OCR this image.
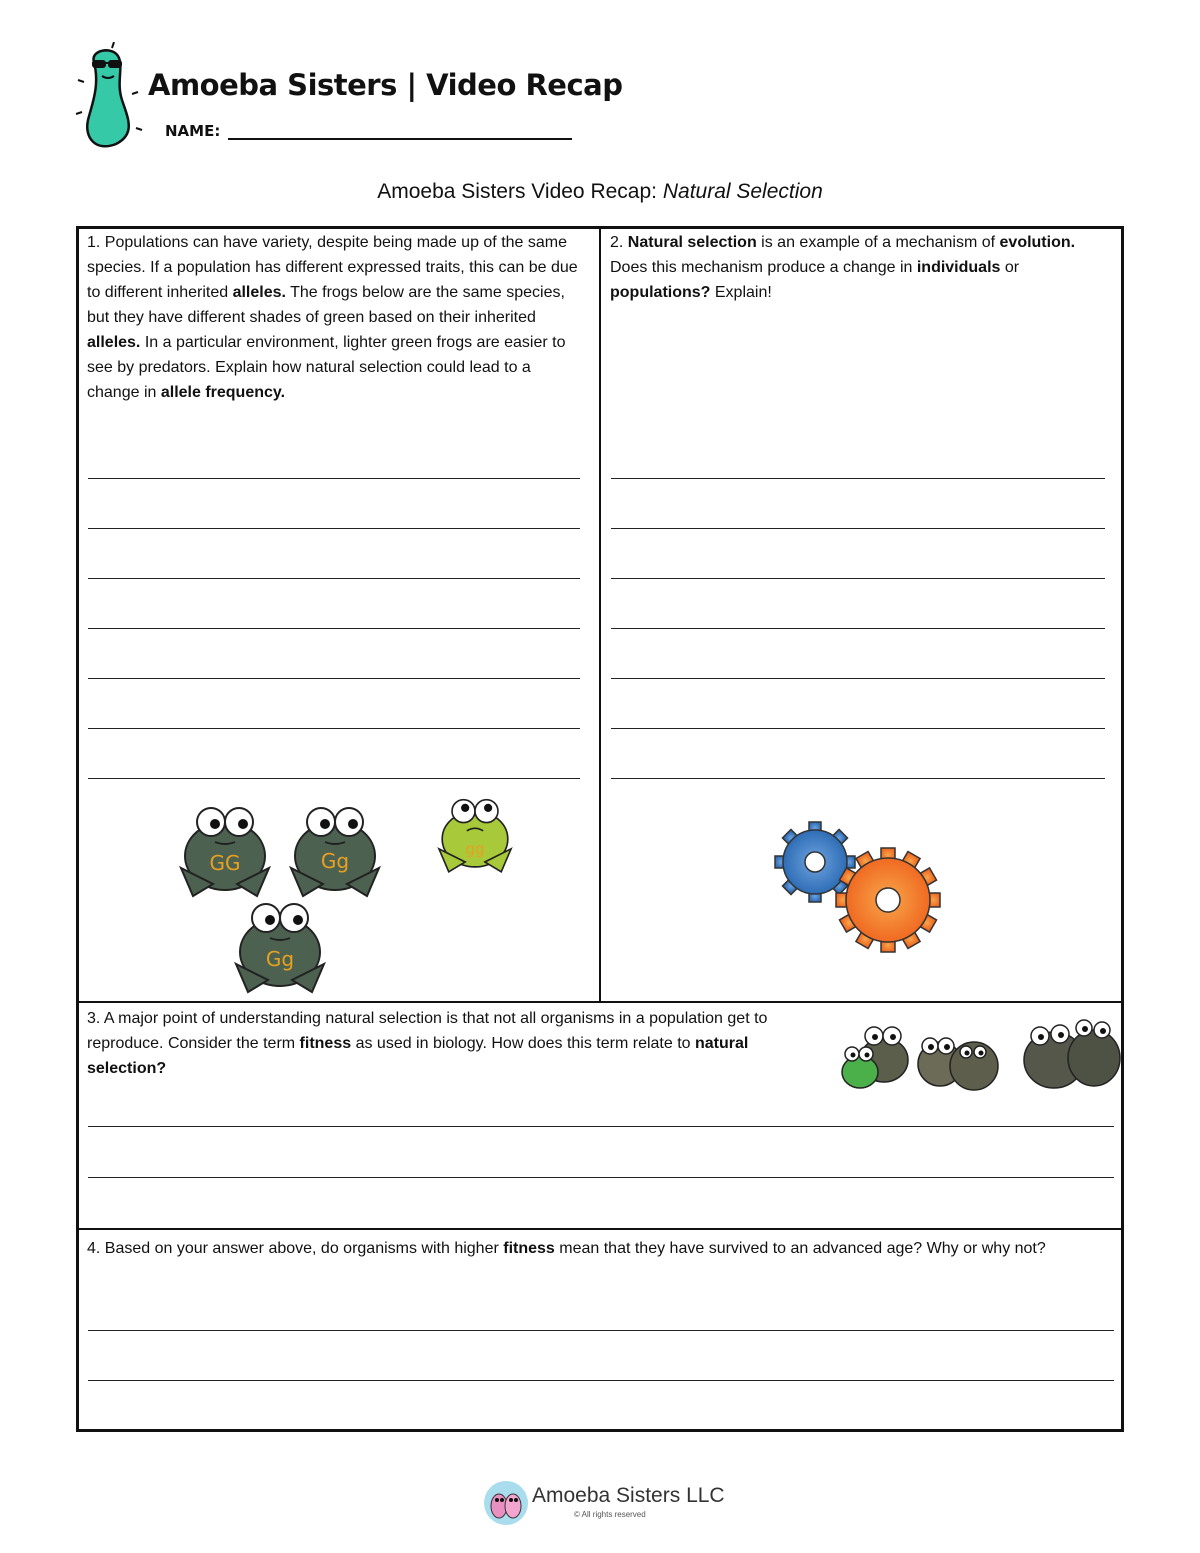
Amoeba Sisters | Video Recap
NAME:
Amoeba Sisters Video Recap: Natural Selection
1. Populations can have variety, despite being made up of the same species. If a population has different expressed traits, this can be due to different inherited alleles. The frogs below are the same species, but they have different shades of green based on their inherited alleles. In a particular environment, lighter green frogs are easier to see by predators. Explain how natural selection could lead to a change in allele frequency.
GG	Gg	gg
Gg
2. Natural selection is an example of a mechanism of evolution. Does this mechanism produce a change in individuals or populations? Explain!
3. A major point of understanding natural selection is that not all organisms in a population get to reproduce. Consider the term fitness as used in biology. How does this term relate to natural selection?
4. Based on your answer above, do organisms with higher fitness mean that they have survived to an advanced age? Why or why not?
Amoeba Sisters LLC
© All rights reserved
